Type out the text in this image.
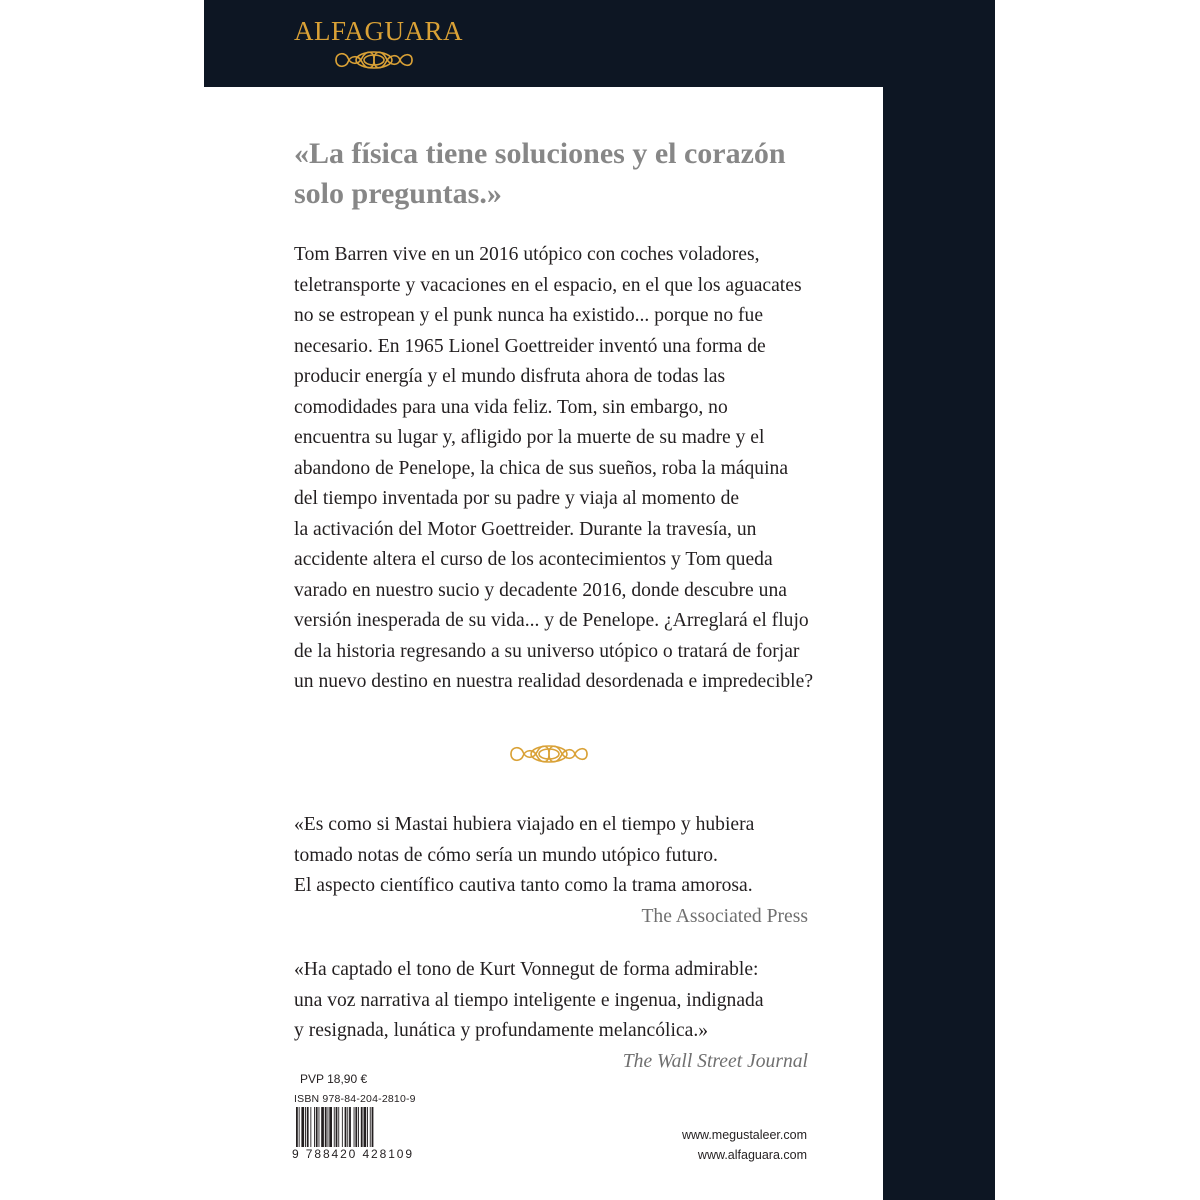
ALFAGUARA
«La física tiene soluciones y el corazón
solo preguntas.»
Tom Barren vive en un 2016 utópico con coches voladores,
teletransporte y vacaciones en el espacio, en el que los aguacates
no se estropean y el punk nunca ha existido... porque no fue
necesario. En 1965 Lionel Goettreider inventó una forma de
producir energía y el mundo disfruta ahora de todas las
comodidades para una vida feliz. Tom, sin embargo, no
encuentra su lugar y, afligido por la muerte de su madre y el
abandono de Penelope, la chica de sus sueños, roba la máquina
del tiempo inventada por su padre y viaja al momento de
la activación del Motor Goettreider. Durante la travesía, un
accidente altera el curso de los acontecimientos y Tom queda
varado en nuestro sucio y decadente 2016, donde descubre una
versión inesperada de su vida... y de Penelope. ¿Arreglará el flujo
de la historia regresando a su universo utópico o tratará de forjar
un nuevo destino en nuestra realidad desordenada e impredecible?
«Es como si Mastai hubiera viajado en el tiempo y hubiera
tomado notas de cómo sería un mundo utópico futuro.
El aspecto científico cautiva tanto como la trama amorosa.
The Associated Press
«Ha captado el tono de Kurt Vonnegut de forma admirable:
una voz narrativa al tiempo inteligente e ingenua, indignada
y resignada, lunática y profundamente melancólica.»
The Wall Street Journal
PVP 18,90 €
ISBN 978-84-204-2810-9
9 788420 428109
www.megustaleer.com
www.alfaguara.com
